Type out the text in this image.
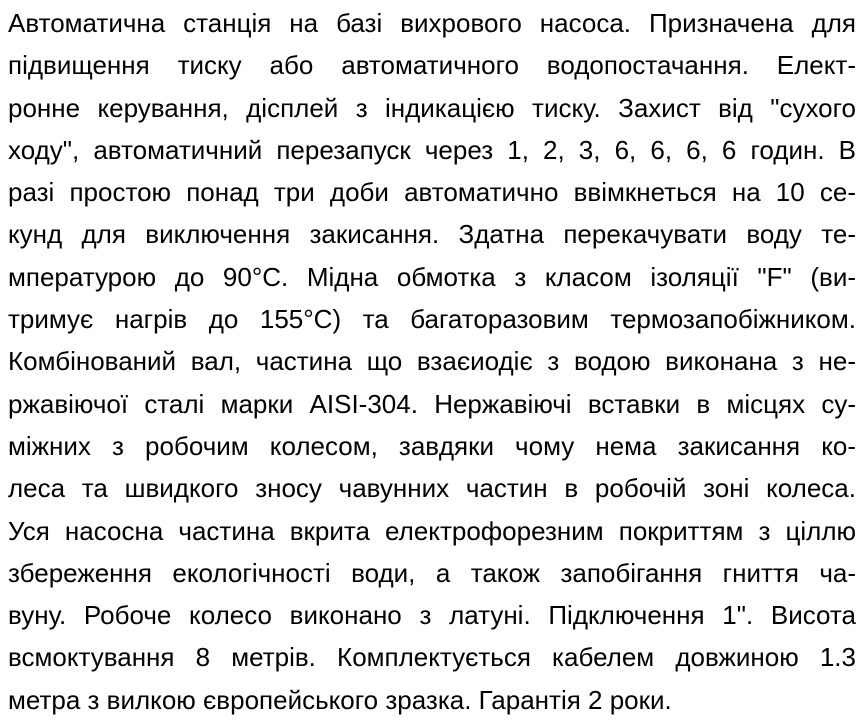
Автоматична станція на базі вихрового насоса. Призначена для
підвищення тиску або автоматичного водопостачання. Елект-
ронне керування, дісплей з індикацією тиску. Захист від "сухого
ходу", автоматичний перезапуск через 1, 2, 3, 6, 6, 6, 6 годин. В
разі простою понад три доби автоматично ввімкнеться на 10 се-
кунд для виключення закисання. Здатна перекачувати воду те-
мпературою до 90°С. Мідна обмотка з класом ізоляції "F" (ви-
тримує нагрів до 155°С) та багаторазовим термозапобіжником.
Комбінований вал, частина що взаєиодіє з водою виконана з не-
ржавіючої сталі марки AISI-304. Нержавіючі вставки в місцях су-
міжних з робочим колесом, завдяки чому нема закисання ко-
леса та швидкого зносу чавунних частин в робочій зоні колеса.
Уся насосна частина вкрита електрофорезним покриттям з ціллю
збереження екологічності води, а також запобігання гниття ча-
вуну. Робоче колесо виконано з латуні. Підключення 1". Висота
всмоктування 8 метрів. Комплектується кабелем довжиною 1.3
метра з вилкою європейського зразка. Гарантія 2 роки.
